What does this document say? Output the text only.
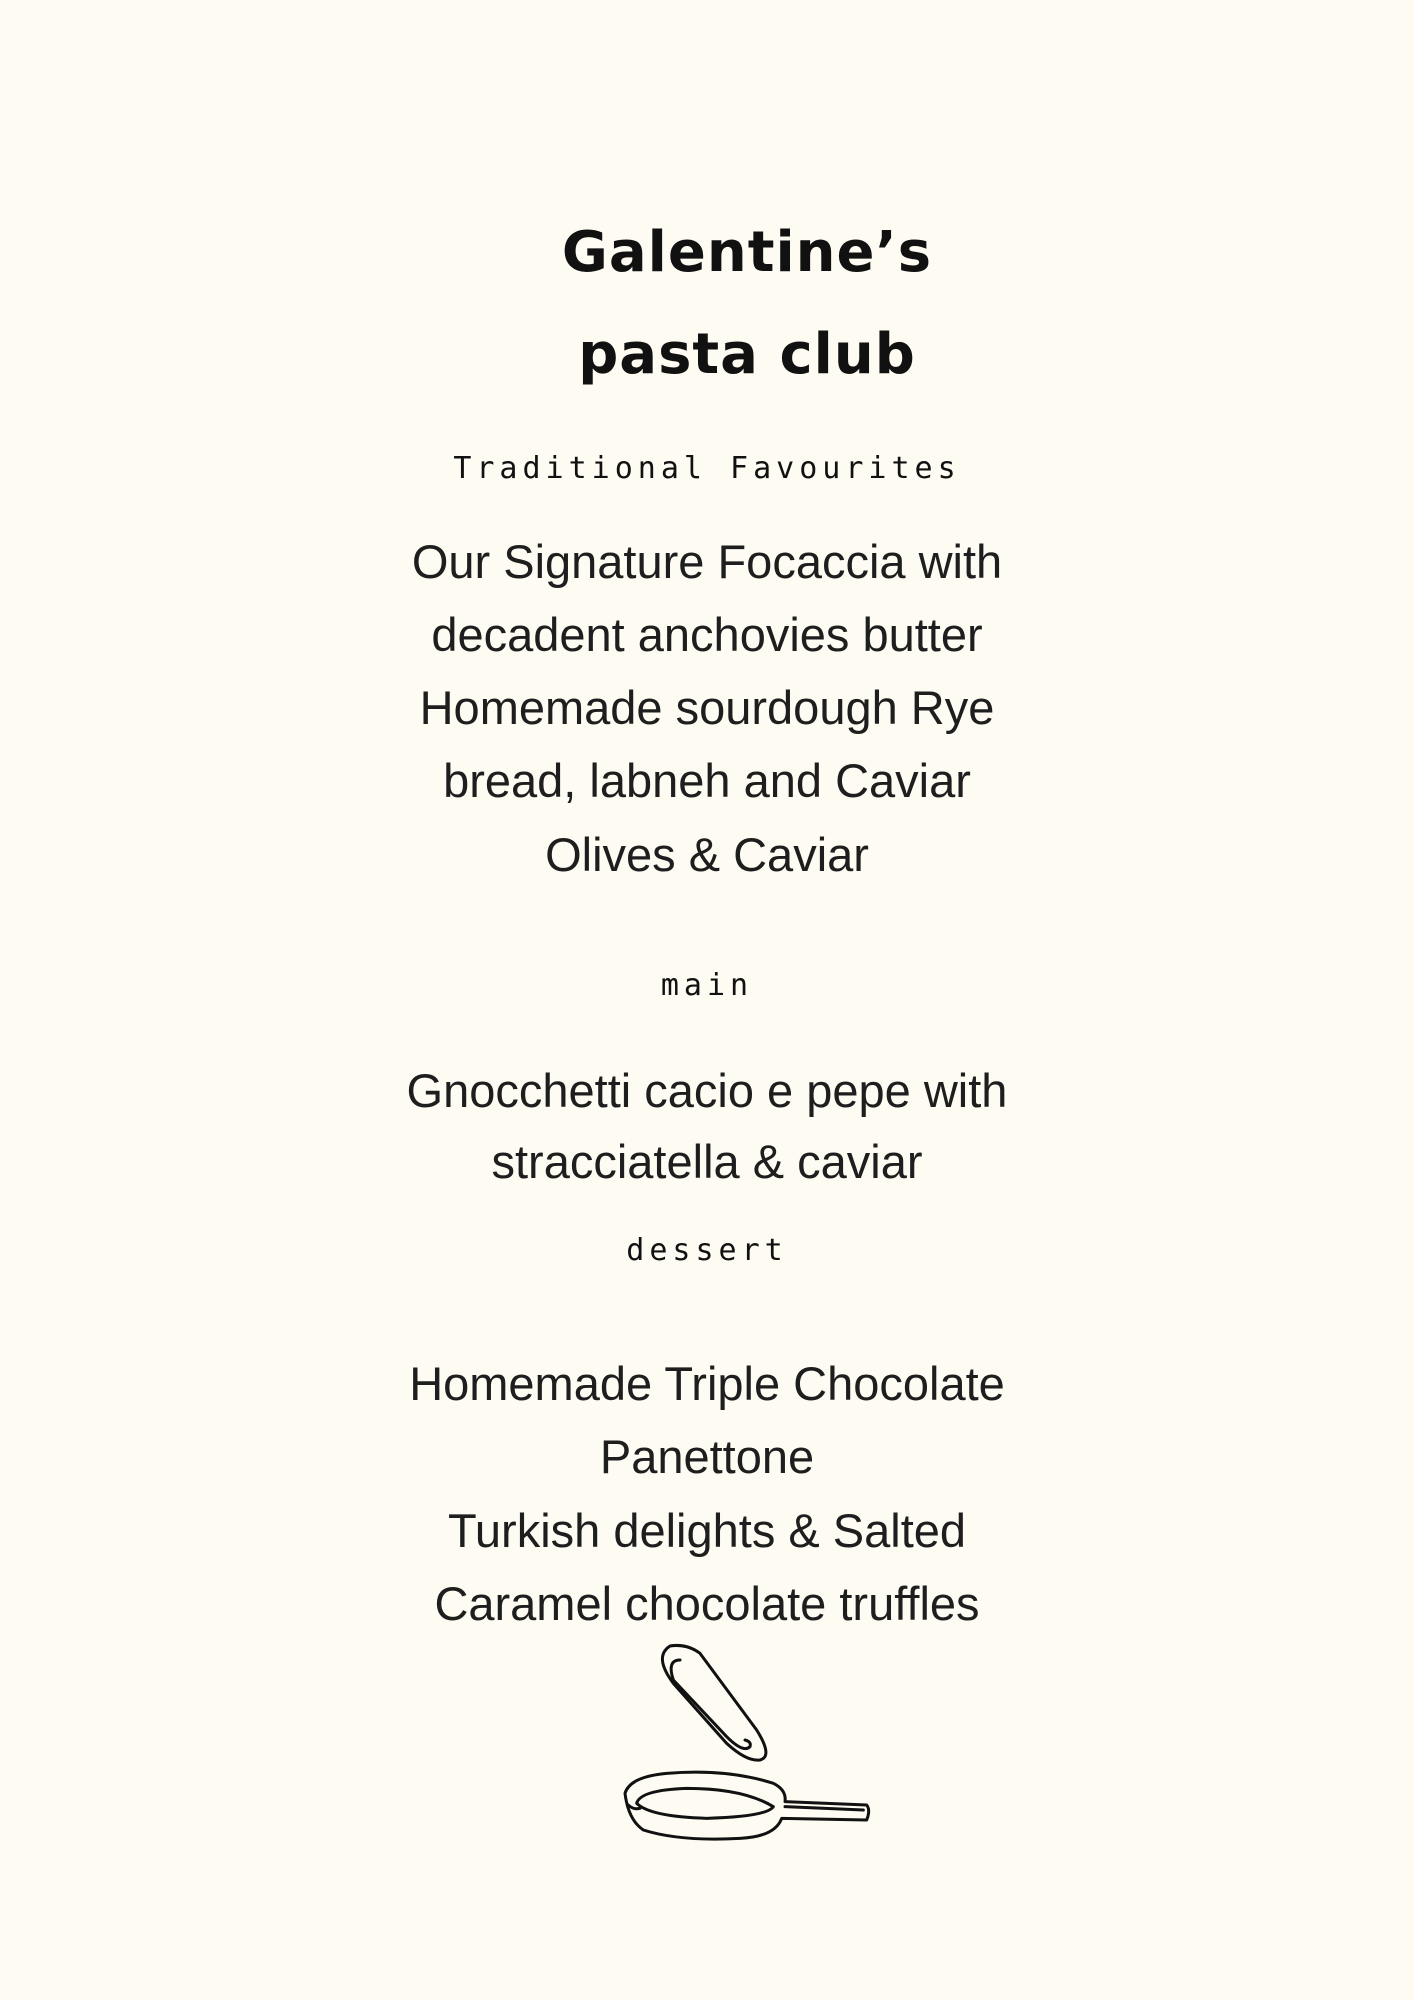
Galentine’s
pasta club
Traditional Favourites
Our Signature Focaccia with
decadent anchovies butter
Homemade sourdough Rye
bread, labneh and Caviar
Olives & Caviar
main
Gnocchetti cacio e pepe with
stracciatella & caviar
dessert
Homemade Triple Chocolate
Panettone
Turkish delights & Salted
Caramel chocolate truffles
